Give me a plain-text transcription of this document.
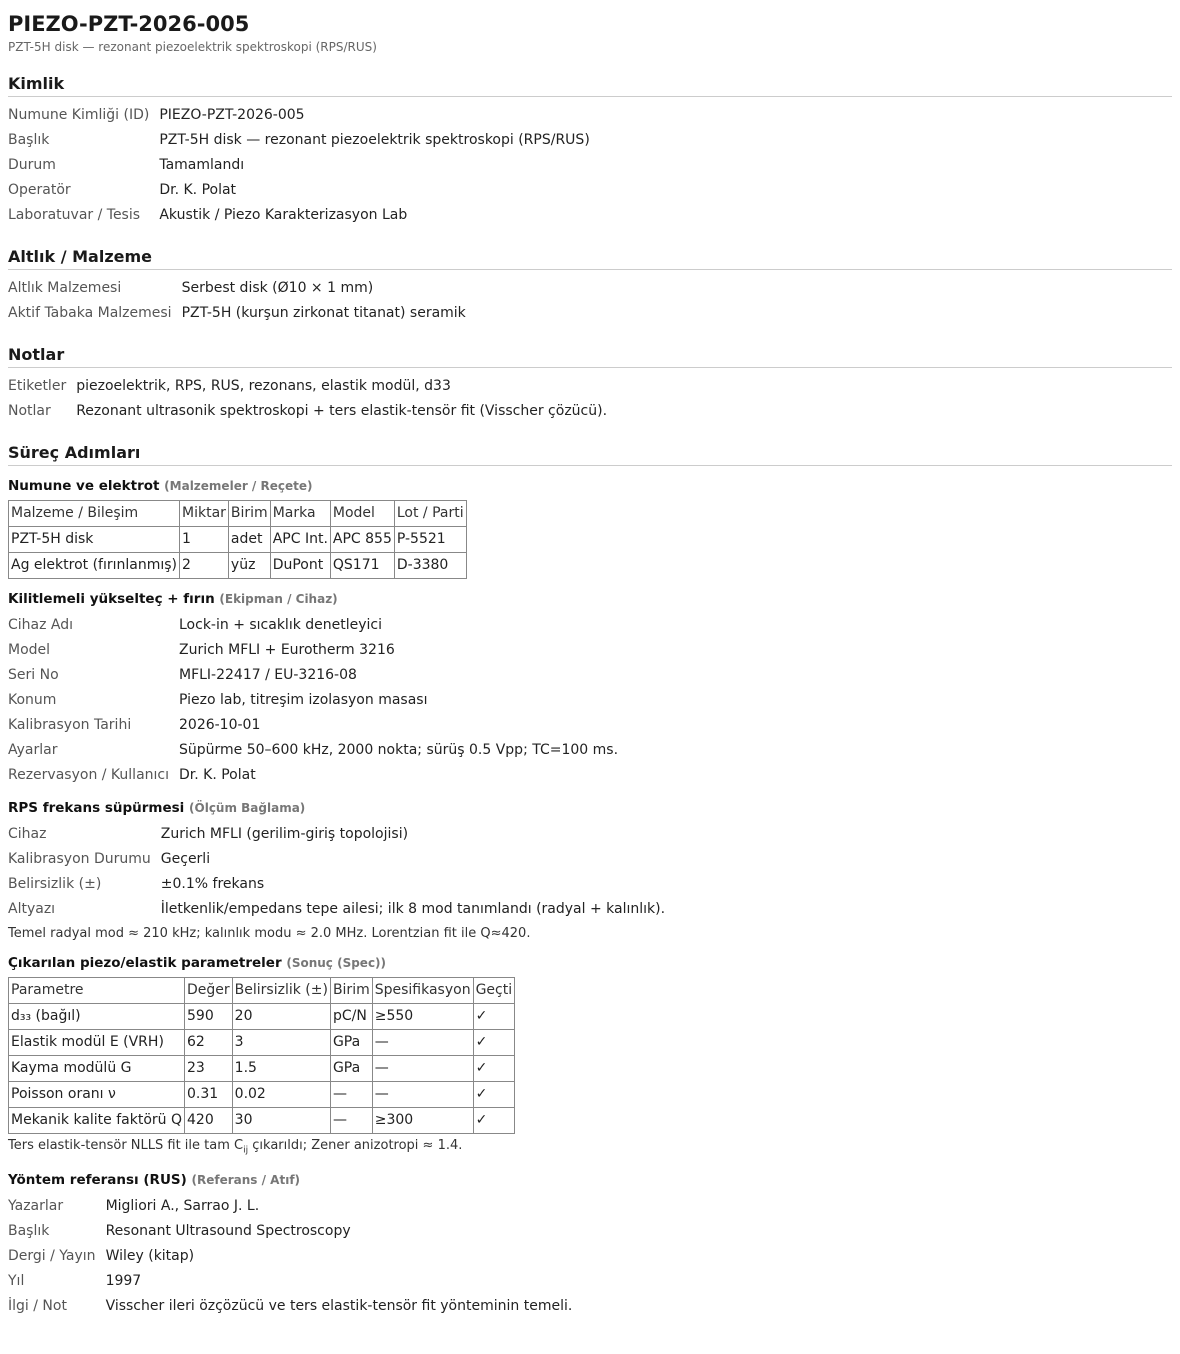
PIEZO-PZT-2026-005
PZT-5H disk — rezonant piezoelektrik spektroskopi (RPS/RUS)
Kimlik
Numune Kimliği (ID)	PIEZO-PZT-2026-005
Başlık	PZT-5H disk — rezonant piezoelektrik spektroskopi (RPS/RUS)
Durum	Tamamlandı
Operatör	Dr. K. Polat
Laboratuvar / Tesis	Akustik / Piezo Karakterizasyon Lab
Altlık / Malzeme
Altlık Malzemesi	Serbest disk (Ø10 × 1 mm)
Aktif Tabaka Malzemesi	PZT-5H (kurşun zirkonat titanat) seramik
Notlar
Etiketler	piezoelektrik, RPS, RUS, rezonans, elastik modül, d33
Notlar	Rezonant ultrasonik spektroskopi + ters elastik-tensör fit (Visscher çözücü).
Süreç Adımları
Numune ve elektrot (Malzemeler / Reçete)
Malzeme / Bileşim	Miktar	Birim	Marka	Model	Lot / Parti
PZT-5H disk	1	adet	APC Int.	APC 855	P-5521
Ag elektrot (fırınlanmış)	2	yüz	DuPont	QS171	D-3380
Kilitlemeli yükselteç + fırın (Ekipman / Cihaz)
Cihaz Adı	Lock-in + sıcaklık denetleyici
Model	Zurich MFLI + Eurotherm 3216
Seri No	MFLI-22417 / EU-3216-08
Konum	Piezo lab, titreşim izolasyon masası
Kalibrasyon Tarihi	2026-10-01
Ayarlar	Süpürme 50–600 kHz, 2000 nokta; sürüş 0.5 Vpp; TC=100 ms.
Rezervasyon / Kullanıcı	Dr. K. Polat
RPS frekans süpürmesi (Ölçüm Bağlama)
Cihaz	Zurich MFLI (gerilim-giriş topolojisi)
Kalibrasyon Durumu	Geçerli
Belirsizlik (±)	±0.1% frekans
Altyazı	İletkenlik/empedans tepe ailesi; ilk 8 mod tanımlandı (radyal + kalınlık).
Temel radyal mod ≈ 210 kHz; kalınlık modu ≈ 2.0 MHz. Lorentzian fit ile Q≈420.
Çıkarılan piezo/elastik parametreler (Sonuç (Spec))
Parametre	Değer	Belirsizlik (±)	Birim	Spesifikasyon	Geçti
d₃₃ (bağıl)	590	20	pC/N	≥550	✓
Elastik modül E (VRH)	62	3	GPa	—	✓
Kayma modülü G	23	1.5	GPa	—	✓
Poisson oranı ν	0.31	0.02	—	—	✓
Mekanik kalite faktörü Q	420	30	—	≥300	✓
Ters elastik-tensör NLLS fit ile tam $C_{ij}$ çıkarıldı; Zener anizotropi ≈ 1.4.
Yöntem referansı (RUS) (Referans / Atıf)
Yazarlar	Migliori A., Sarrao J. L.
Başlık	Resonant Ultrasound Spectroscopy
Dergi / Yayın	Wiley (kitap)
Yıl	1997
İlgi / Not	Visscher ileri özçözücü ve ters elastik-tensör fit yönteminin temeli.
